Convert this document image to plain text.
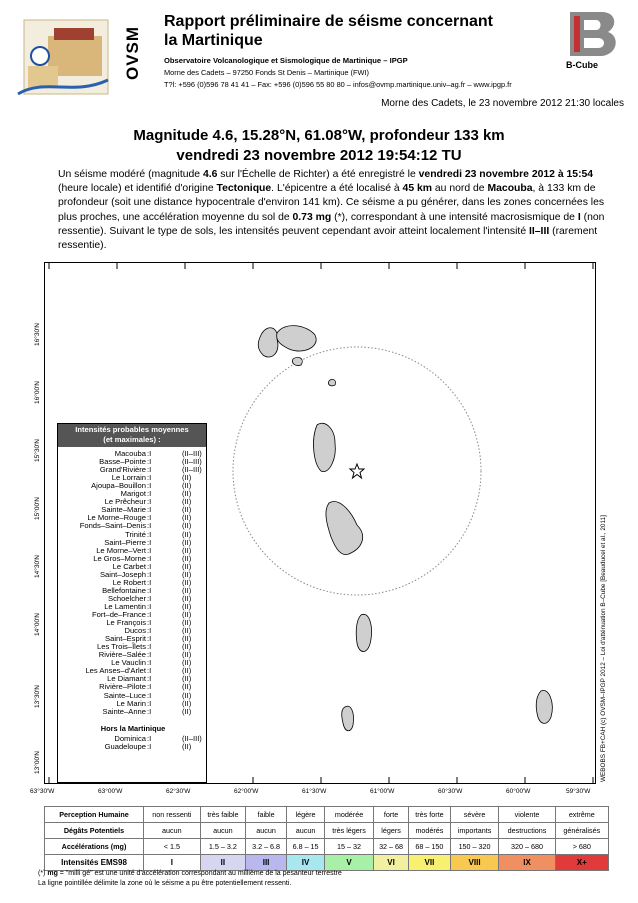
OVSM
Rapport préliminaire de séisme concernant
la Martinique
Observatoire Volcanologique et Sismologique de Martinique – IPGP
Morne des Cadets – 97250 Fonds St Denis – Martinique (FWI)
T?l: +596 (0)596 78 41 41 – Fax: +596 (0)596 55 80 80 – infos@ovmp.martinique.univ–ag.fr – www.ipgp.fr
B-Cube
Morne des Cadets, le 23 novembre 2012 21:30 locales
Magnitude 4.6, 15.28°N, 61.08°W, profondeur 133 km
vendredi 23 novembre 2012 19:54:12 TU

Un séisme modéré (magnitude 4.6 sur l'Échelle de Richter) a été enregistré le vendredi 23 novembre 2012 à 15:54 (heure locale) et identifié d'origine Tectonique. L'épicentre a été localisé à 45 km au nord de Macouba, à 133 km de profondeur (soit une distance hypocentrale d'environ 141 km). Ce séisme a pu générer, dans les zones concernées les plus proches, une accélération moyenne du sol de 0.73 mg (*), correspondant à une intensité macrosismique de I (non ressentie). Suivant le type de sols, les intensités peuvent cependant avoir atteint localement l'intensité II–III (rarement ressentie).

16°30'N
16°00'N
15°30'N
15°00'N
14°30'N
14°00'N
13°30'N
13°00'N
63°30'W	63°00'W	62°30'W	62°00'W	61°30'W	61°00'W	60°30'W	60°00'W	59°30'W
WEBOBS FB+CAH (c) OVSM–IPGP 2012 – Loi d'atténuation B–Cube [Beauducel et al., 2011]
Intensités probables moyennes
(et maximales) :
Macouba :I	(II–III)
Basse–Pointe :I	(II–III)
Grand'Rivière :I	(II–III)
Le Lorrain :I	(II)
Ajoupa–Bouillon :I	(II)
Marigot :I	(II)
Le Prêcheur :I	(II)
Sainte–Marie :I	(II)
Le Morne–Rouge :I	(II)
Fonds–Saint–Denis :I	(II)
Trinité :I	(II)
Saint–Pierre :I	(II)
Le Morne–Vert :I	(II)
Le Gros–Morne :I	(II)
Le Carbet :I	(II)
Saint–Joseph :I	(II)
Le Robert :I	(II)
Bellefontaine :I	(II)
Schoelcher :I	(II)
Le Lamentin :I	(II)
Fort–de–France :I	(II)
Le François :I	(II)
Ducos :I	(II)
Saint–Esprit :I	(II)
Les Trois–Îlets :I	(II)
Rivière–Salée :I	(II)
Le Vauclin :I	(II)
Les Anses–d'Arlet :I	(II)
Le Diamant :I	(II)
Rivière–Pilote :I	(II)
Sainte–Luce :I	(II)
Le Marin :I	(II)
Sainte–Anne :I	(II)
Hors la Martinique
Dominica :I	(II–III)
Guadeloupe :I	(II)
Perception Humaine	non ressenti	très faible	faible	légère	modérée	forte	très forte	sévère	violente	extrême
Dégâts Potentiels	aucun	aucun	aucun	aucun	très légers	légers	modérés	importants	destructions	généralisés
Accélérations (mg)	< 1.5	1.5 – 3.2	3.2 – 6.8	6.8 – 15	15 – 32	32 – 68	68 – 150	150 – 320	320 – 680	> 680
Intensités EMS98	I	II	III	IV	V	VI	VII	VIII	IX	X+
(*) mg = "milli gé" est une unité d'accélération correspondant au millième de la pesanteur terrestre
La ligne pointillée délimite la zone où le séisme a pu être potentiellement ressenti.
